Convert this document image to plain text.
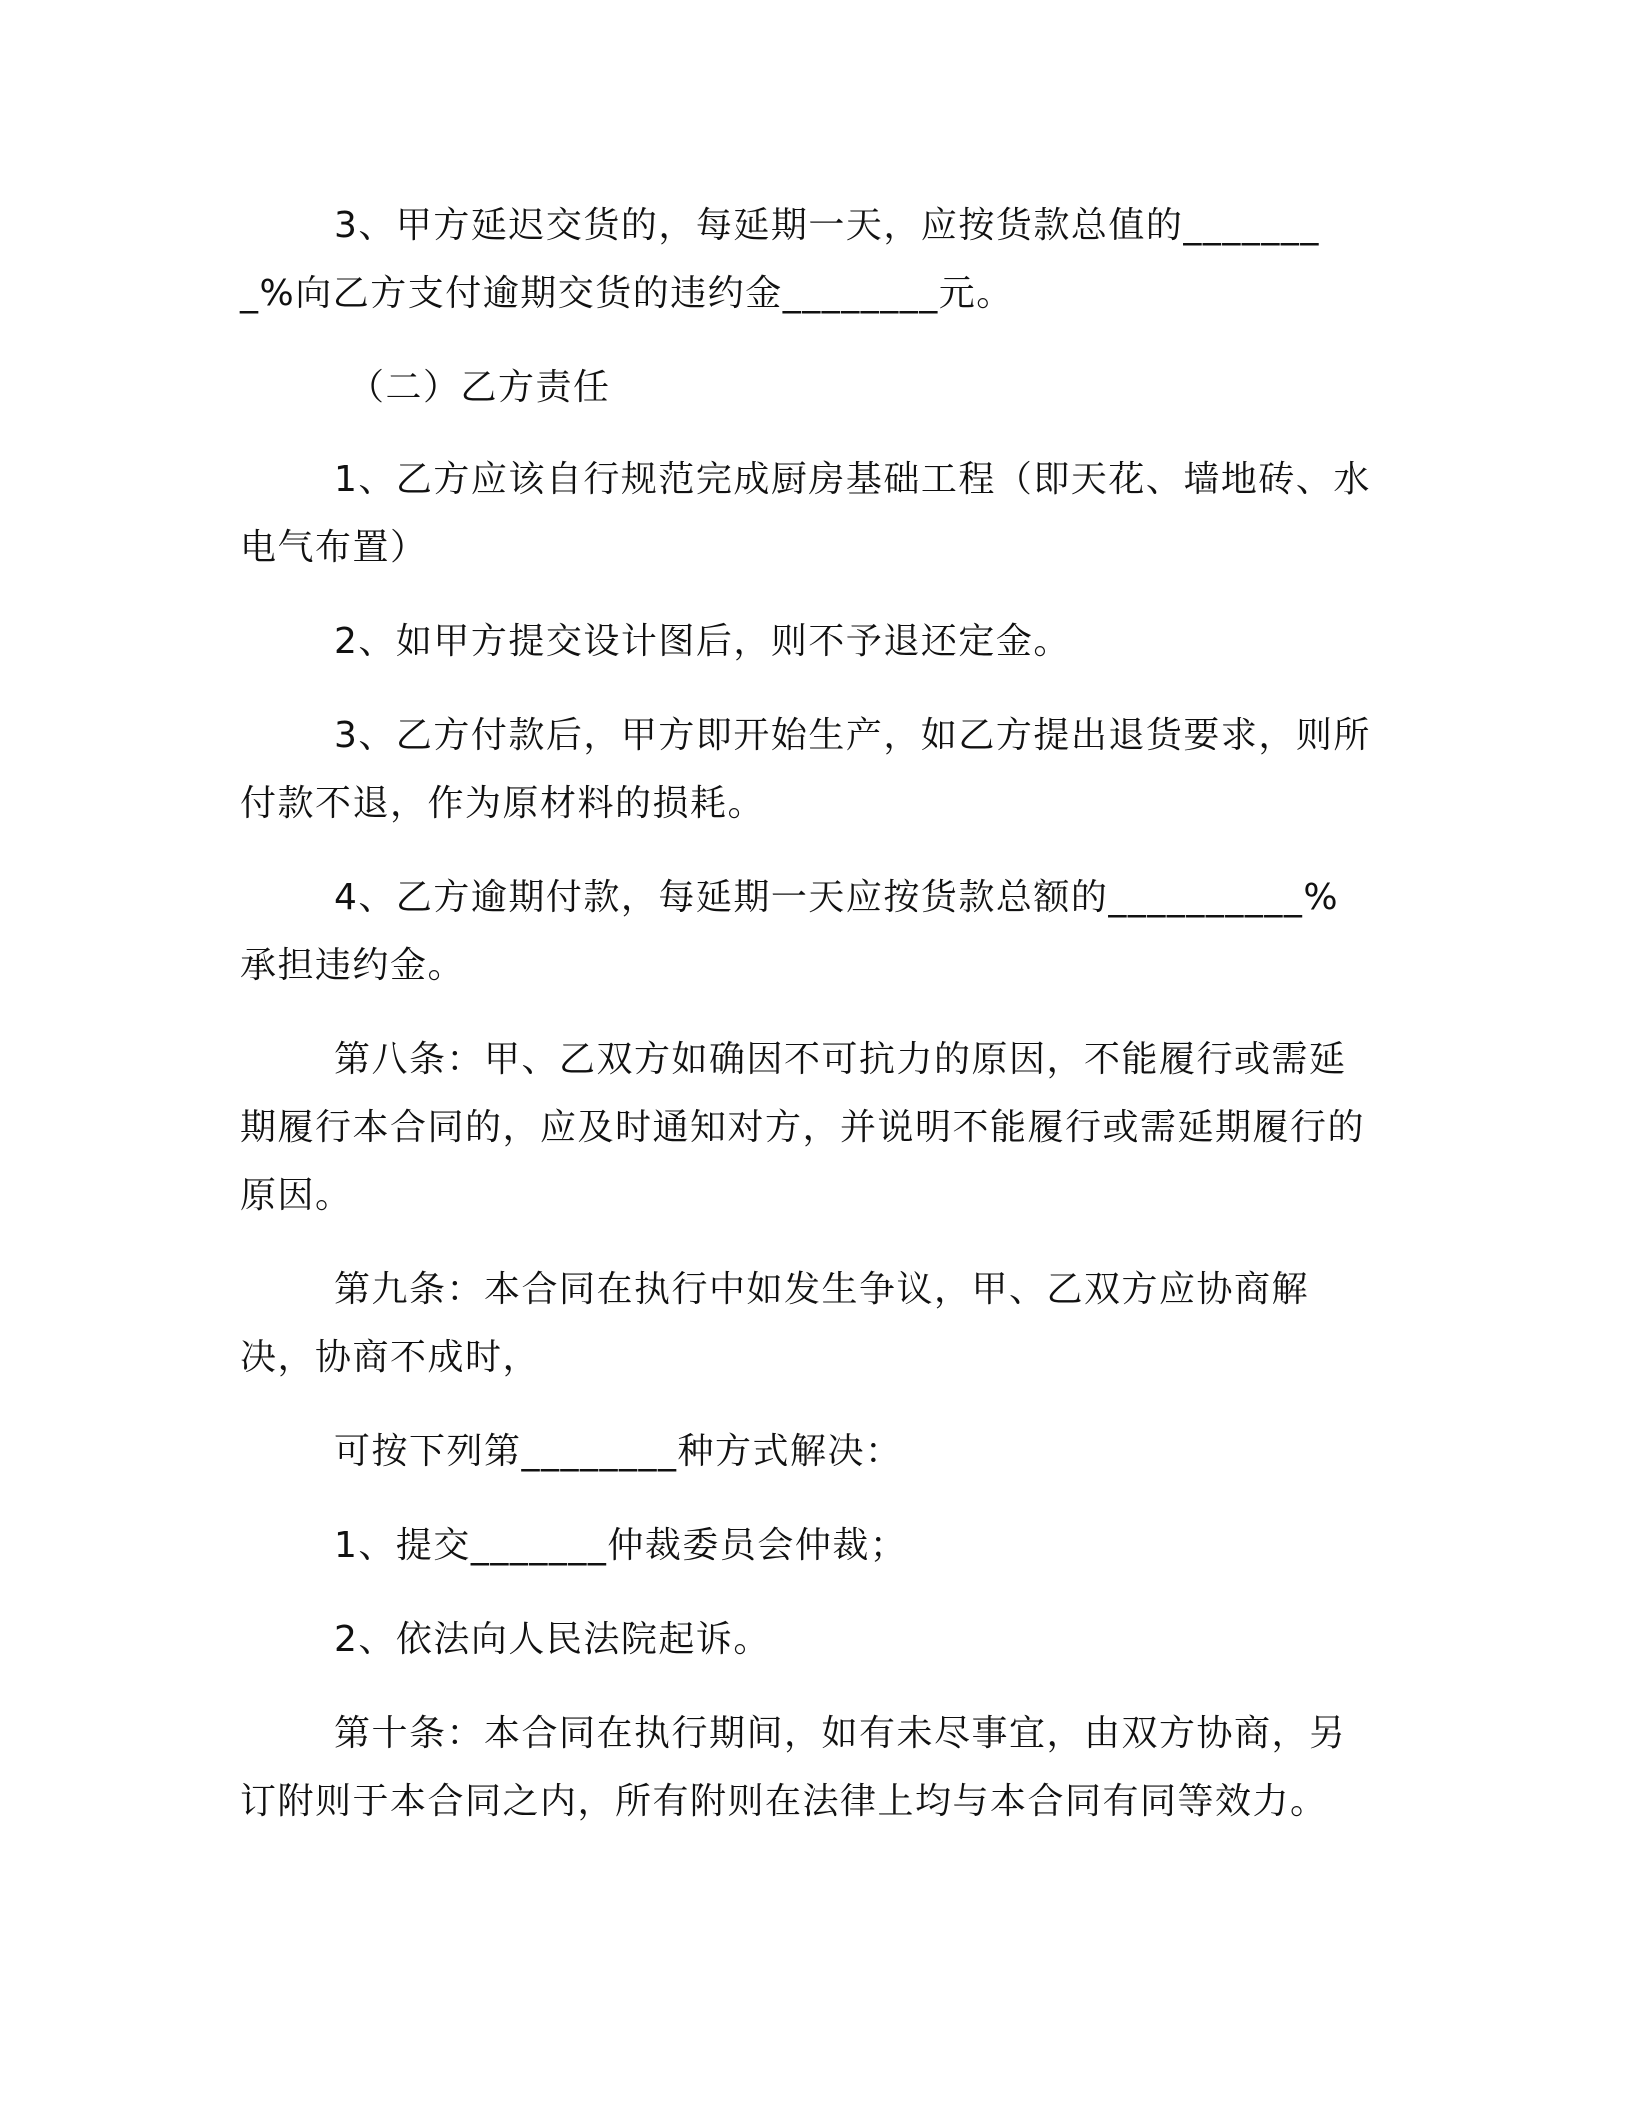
3、甲方延迟交货的，每延期一天，应按货款总值的________%向乙方支付逾期交货的违约金________元。

（二）乙方责任

1、乙方应该自行规范完成厨房基础工程（即天花、墙地砖、水电气布置）

2、如甲方提交设计图后，则不予退还定金。

3、乙方付款后，甲方即开始生产，如乙方提出退货要求，则所付款不退，作为原材料的损耗。

4、乙方逾期付款，每延期一天应按货款总额的__________%承担违约金。

第八条：甲、乙双方如确因不可抗力的原因，不能履行或需延期履行本合同的，应及时通知对方，并说明不能履行或需延期履行的原因。

第九条：本合同在执行中如发生争议，甲、乙双方应协商解决，协商不成时，

可按下列第________种方式解决：

1、提交_______仲裁委员会仲裁；

2、依法向人民法院起诉。

第十条：本合同在执行期间，如有未尽事宜，由双方协商，另订附则于本合同之内，所有附则在法律上均与本合同有同等效力。
